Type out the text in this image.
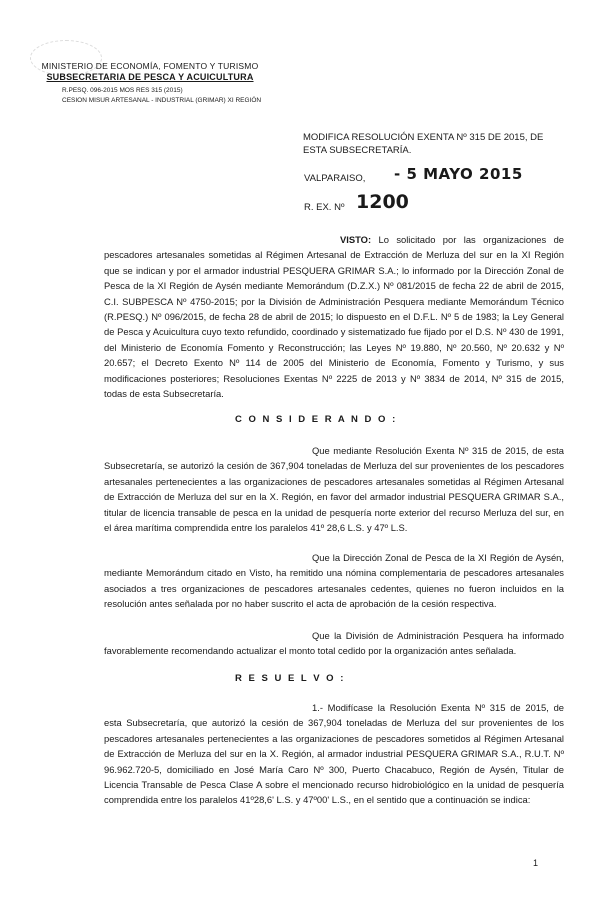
MINISTERIO DE ECONOMÍA, FOMENTO Y TURISMO
SUBSECRETARIA DE PESCA Y ACUICULTURA
R.PESQ. 096-2015 MOS RES 315 (2015)
CESION MISUR ARTESANAL - INDUSTRIAL (GRIMAR) XI REGIÓN
MODIFICA RESOLUCIÓN EXENTA Nº 315 DE 2015, DE ESTA SUBSECRETARÍA.
VALPARAISO, - 5 MAYO 2015
R. EX. Nº 1200
VISTO: Lo solicitado por las organizaciones de pescadores artesanales sometidas al Régimen Artesanal de Extracción de Merluza del sur en la XI Región que se indican y por el armador industrial PESQUERA GRIMAR S.A.; lo informado por la Dirección Zonal de Pesca de la XI Región de Aysén mediante Memorándum (D.Z.X.) Nº 081/2015 de fecha 22 de abril de 2015, C.I. SUBPESCA Nº 4750-2015; por la División de Administración Pesquera mediante Memorándum Técnico (R.PESQ.) Nº 096/2015, de fecha 28 de abril de 2015; lo dispuesto en el D.F.L. Nº 5 de 1983; la Ley General de Pesca y Acuicultura cuyo texto refundido, coordinado y sistematizado fue fijado por el D.S. Nº 430 de 1991, del Ministerio de Economía Fomento y Reconstrucción; las Leyes Nº 19.880, Nº 20.560, Nº 20.632 y Nº 20.657; el Decreto Exento Nº 114 de 2005 del Ministerio de Economía, Fomento y Turismo, y sus modificaciones posteriores; Resoluciones Exentas Nº 2225 de 2013 y Nº 3834 de 2014, Nº 315 de 2015, todas de esta Subsecretaría.
C O N S I D E R A N D O :
Que mediante Resolución Exenta Nº 315 de 2015, de esta Subsecretaría, se autorizó la cesión de 367,904 toneladas de Merluza del sur provenientes de los pescadores artesanales pertenecientes a las organizaciones de pescadores artesanales sometidas al Régimen Artesanal de Extracción de Merluza del sur en la X. Región, en favor del armador industrial PESQUERA GRIMAR S.A., titular de licencia transable de pesca en la unidad de pesquería norte exterior del recurso Merluza del sur, en el área marítima comprendida entre los paralelos 41º 28,6 L.S. y 47º L.S.
Que la Dirección Zonal de Pesca de la XI Región de Aysén, mediante Memorándum citado en Visto, ha remitido una nómina complementaria de pescadores artesanales asociados a tres organizaciones de pescadores artesanales cedentes, quienes no fueron incluidos en la resolución antes señalada por no haber suscrito el acta de aprobación de la cesión respectiva.
Que la División de Administración Pesquera ha informado favorablemente recomendando actualizar el monto total cedido por la organización antes señalada.
R E S U E L V O :
1.- Modifícase la Resolución Exenta Nº 315 de 2015, de esta Subsecretaría, que autorizó la cesión de 367,904 toneladas de Merluza del sur provenientes de los pescadores artesanales pertenecientes a las organizaciones de pescadores sometidos al Régimen Artesanal de Extracción de Merluza del sur en la X. Región, al armador industrial PESQUERA GRIMAR S.A., R.U.T. Nº 96.962.720-5, domiciliado en José María Caro Nº 300, Puerto Chacabuco, Región de Aysén, Titular de Licencia Transable de Pesca Clase A sobre el mencionado recurso hidrobiológico en la unidad de pesquería comprendida entre los paralelos 41º28,6' L.S. y 47º00' L.S., en el sentido que a continuación se indica:
1
